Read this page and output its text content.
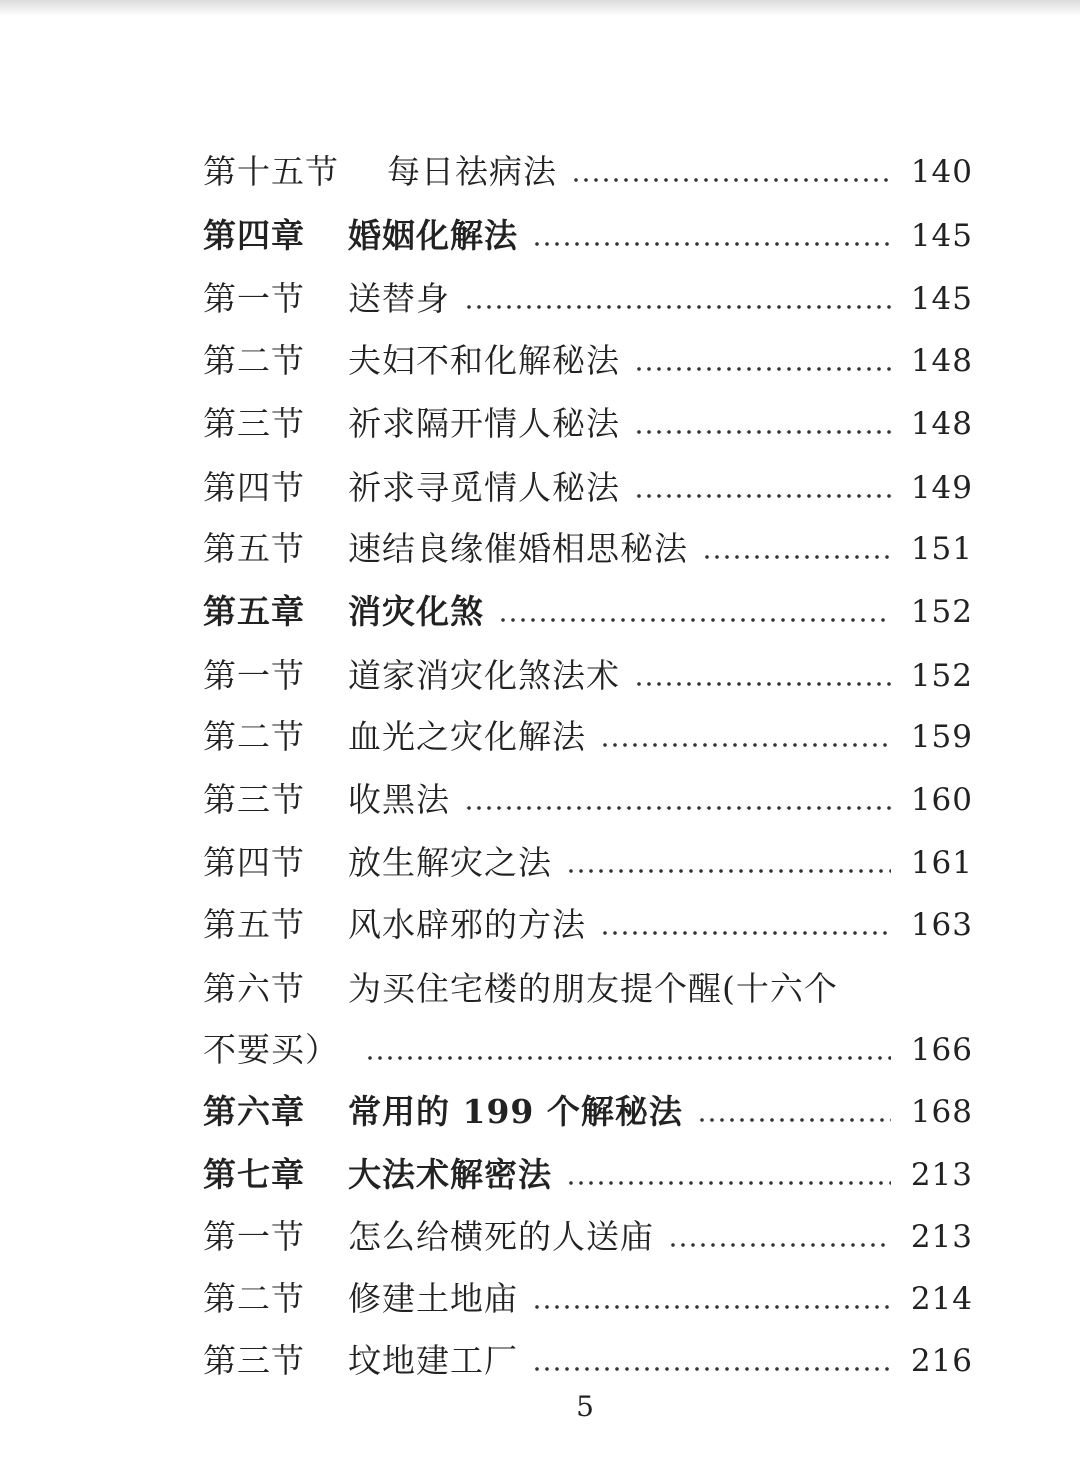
第十五节	每日祛病法	140
第四章	婚姻化解法	145
第一节	送替身	145
第二节	夫妇不和化解秘法	148
第三节	祈求隔开情人秘法	148
第四节	祈求寻觅情人秘法	149
第五节	速结良缘催婚相思秘法	151
第五章	消灾化煞	152
第一节	道家消灾化煞法术	152
第二节	血光之灾化解法	159
第三节	收黑法	160
第四节	放生解灾之法	161
第五节	风水辟邪的方法	163
第六节	为买住宅楼的朋友提个醒(十六个
不要买）	166
第六章	常用的 199 个解秘法	168
第七章	大法术解密法	213
第一节	怎么给横死的人送庙	213
第二节	修建土地庙	214
第三节	坟地建工厂	216
5
